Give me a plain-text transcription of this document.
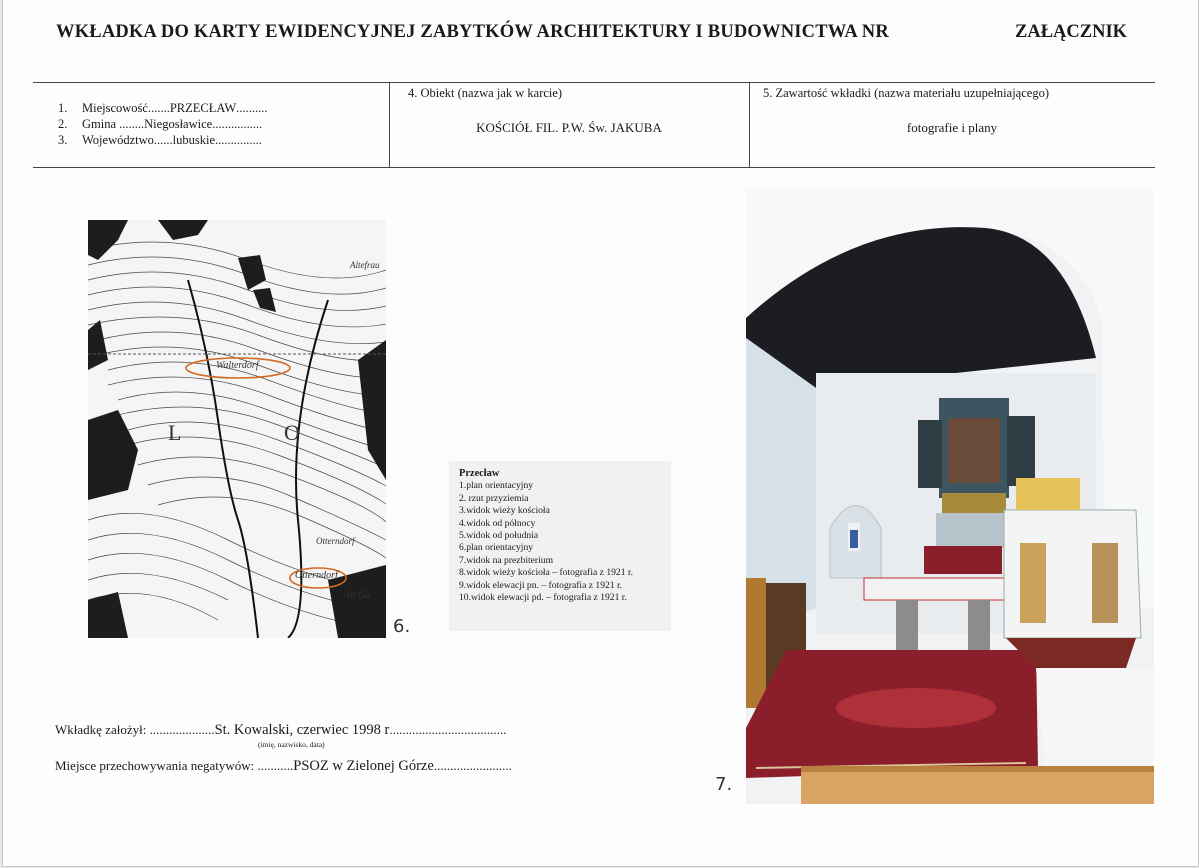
WKŁADKA DO KARTY EWIDENCYJNEJ ZABYTKÓW ARCHITEKTURY I BUDOWNICTWA NR	ZAŁĄCZNIK
1.	Miejscowość ....... PRZECŁAW ..........
2.	Gmina ........ Niegosławice ................
3.	Województwo ...... lubuskie ...............
4. Obiekt (nazwa jak w karcie)
KOŚCIÓŁ FIL. P.W. Św. JAKUBA
5. Zawartość wkładki (nazwa materiału uzupełniającego)
fotografie i plany
Walterdorf
Otterndorf
Otterndorf
Alt Ga
Altefrau
L	O
6.
Przecław
1.plan orientacyjny
2. rzut przyziemia
3.widok wieży kościoła
4.widok od północy
5.widok od południa
6.plan orientacyjny
7.widok na prezbiterium
8.widok wieży kościoła – fotografia z 1921 r.
9.widok elewacji pn. – fotografia z 1921 r.
10.widok elewacji pd. – fotografia z 1921 r.
7.
Wkładkę założył: ....................St. Kowalski, czerwiec 1998 r....................................
(imię, nazwisko, data)
Miejsce przechowywania negatywów: ...........PSOZ w Zielonej Górze........................
